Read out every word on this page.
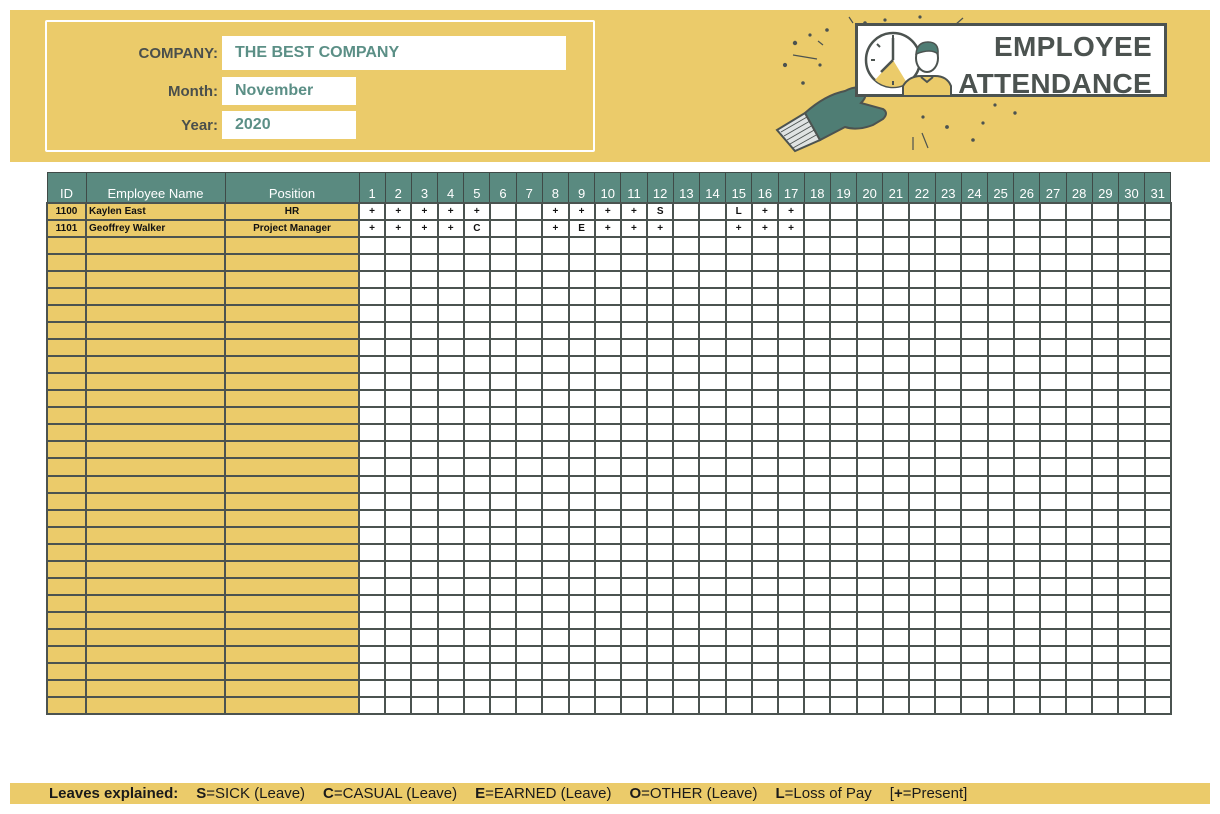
COMPANY:	THE BEST COMPANY
Month:	November
Year:	2020
EMPLOYEE
ATTENDANCE
ID	Employee Name	Position	1	2	3	4	5	6	7	8	9	10	11	12	13	14	15	16	17	18	19	20	21	22	23	24	25	26	27	28	29	30	31
1100	Kaylen East	HR	+	+	+	+	+			+	+	+	+	S			L	+	+														
1101	Geoffrey Walker	Project Manager	+	+	+	+	C			+	E	+	+	+			+	+	+														

Leaves explained: S=SICK (Leave) C=CASUAL (Leave) E=EARNED (Leave) O=OTHER (Leave) L=Loss of Pay [+=Present]
